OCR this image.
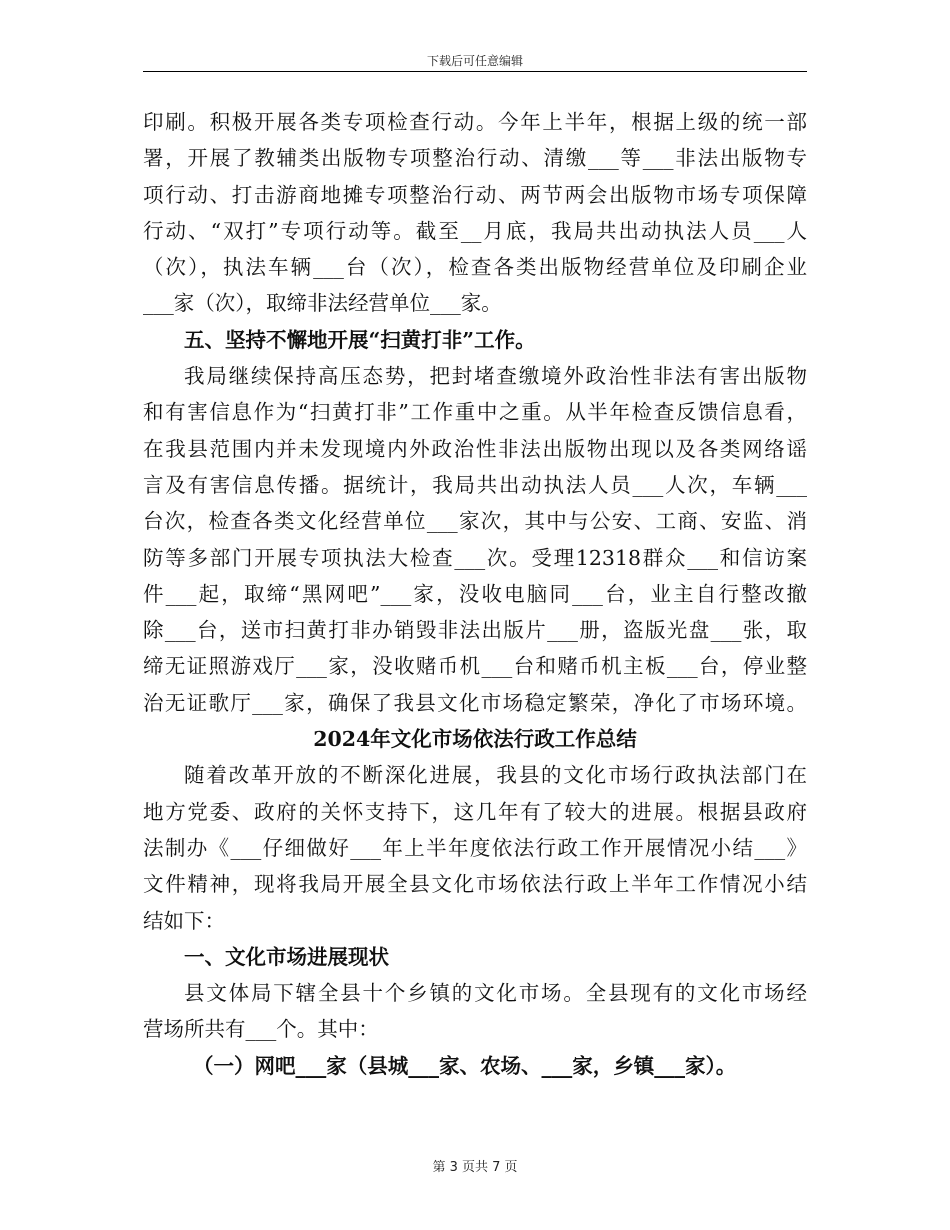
下载后可任意编辑
印刷。积极开展各类专项检查行动。今年上半年，根据上级的统一部
署，开展了教辅类出版物专项整治行动、清缴___等___非法出版物专
项行动、打击游商地摊专项整治行动、两节两会出版物市场专项保障
行动、“双打”专项行动等。截至__月底，我局共出动执法人员___人
（次），执法车辆___台（次），检查各类出版物经营单位及印刷企业
___家（次），取缔非法经营单位___家。
五、坚持不懈地开展“扫黄打非”工作。
我局继续保持高压态势，把封堵查缴境外政治性非法有害出版物
和有害信息作为“扫黄打非”工作重中之重。从半年检查反馈信息看，
在我县范围内并未发现境内外政治性非法出版物出现以及各类网络谣
言及有害信息传播。据统计，我局共出动执法人员___人次，车辆___
台次，检查各类文化经营单位___家次，其中与公安、工商、安监、消
防等多部门开展专项执法大检查___次。受理12318群众___和信访案
件___起，取缔“黑网吧”___家，没收电脑同___台，业主自行整改撤
除___台，送市扫黄打非办销毁非法出版片___册，盗版光盘___张，取
缔无证照游戏厅___家，没收赌币机___台和赌币机主板___台，停业整
治无证歌厅___家，确保了我县文化市场稳定繁荣，净化了市场环境。
2024年文化市场依法行政工作总结
随着改革开放的不断深化进展，我县的文化市场行政执法部门在
地方党委、政府的关怀支持下，这几年有了较大的进展。根据县政府
法制办《___仔细做好___年上半年度依法行政工作开展情况小结___》
文件精神，现将我局开展全县文化市场依法行政上半年工作情况小结
结如下：
一、文化市场进展现状
县文体局下辖全县十个乡镇的文化市场。全县现有的文化市场经
营场所共有___个。其中：
（一）网吧___家（县城___家、农场、___家，乡镇___家）。
第 3 页共 7 页
